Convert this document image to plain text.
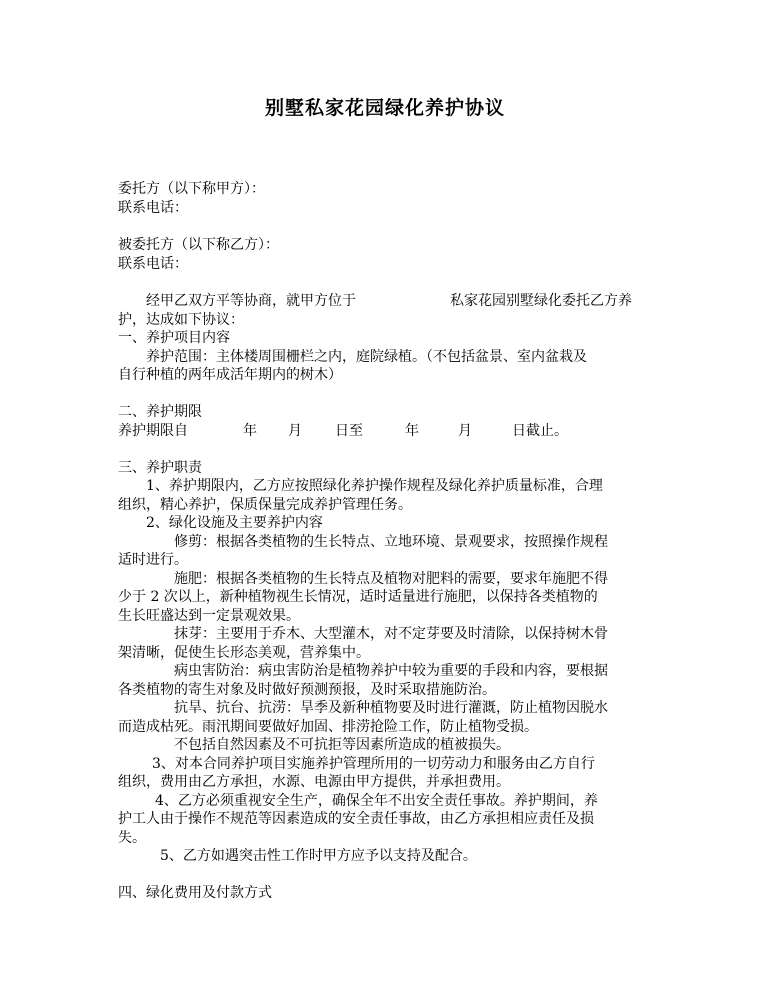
别墅私家花园绿化养护协议
委托方（以下称甲方）：
联系电话：
被委托方（以下称乙方）：
联系电话：
经甲乙双方平等协商，就甲方位于	私家花园别墅绿化委托乙方养
护，达成如下协议：
一、养护项目内容
养护范围：主体楼周围栅栏之内，庭院绿植。（不包括盆景、室内盆栽及
自行种植的两年成活年期内的树木）
二、养护期限
养护期限自	年 月 日至	年	月	日截止。
三、养护职责
1、养护期限内，乙方应按照绿化养护操作规程及绿化养护质量标准，合理
组织，精心养护，保质保量完成养护管理任务。
2、绿化设施及主要养护内容
修剪：根据各类植物的生长特点、立地环境、景观要求，按照操作规程
适时进行。
施肥：根据各类植物的生长特点及植物对肥料的需要，要求年施肥不得
少于 2 次以上，新种植物视生长情况，适时适量进行施肥，以保持各类植物的
生长旺盛达到一定景观效果。
抹芽：主要用于乔木、大型灌木，对不定芽要及时清除，以保持树木骨
架清晰，促使生长形态美观，营养集中。
病虫害防治：病虫害防治是植物养护中较为重要的手段和内容，要根据
各类植物的寄生对象及时做好预测预报，及时采取措施防治。
抗旱、抗台、抗涝：旱季及新种植物要及时进行灌溉，防止植物因脱水
而造成枯死。雨汛期间要做好加固、排涝抢险工作，防止植物受损。
不包括自然因素及不可抗拒等因素所造成的植被损失。
3、对本合同养护项目实施养护管理所用的一切劳动力和服务由乙方自行
组织，费用由乙方承担，水源、电源由甲方提供，并承担费用。
4、乙方必须重视安全生产，确保全年不出安全责任事故。养护期间，养
护工人由于操作不规范等因素造成的安全责任事故，由乙方承担相应责任及损
失。
5、乙方如遇突击性工作时甲方应予以支持及配合。
四、绿化费用及付款方式
